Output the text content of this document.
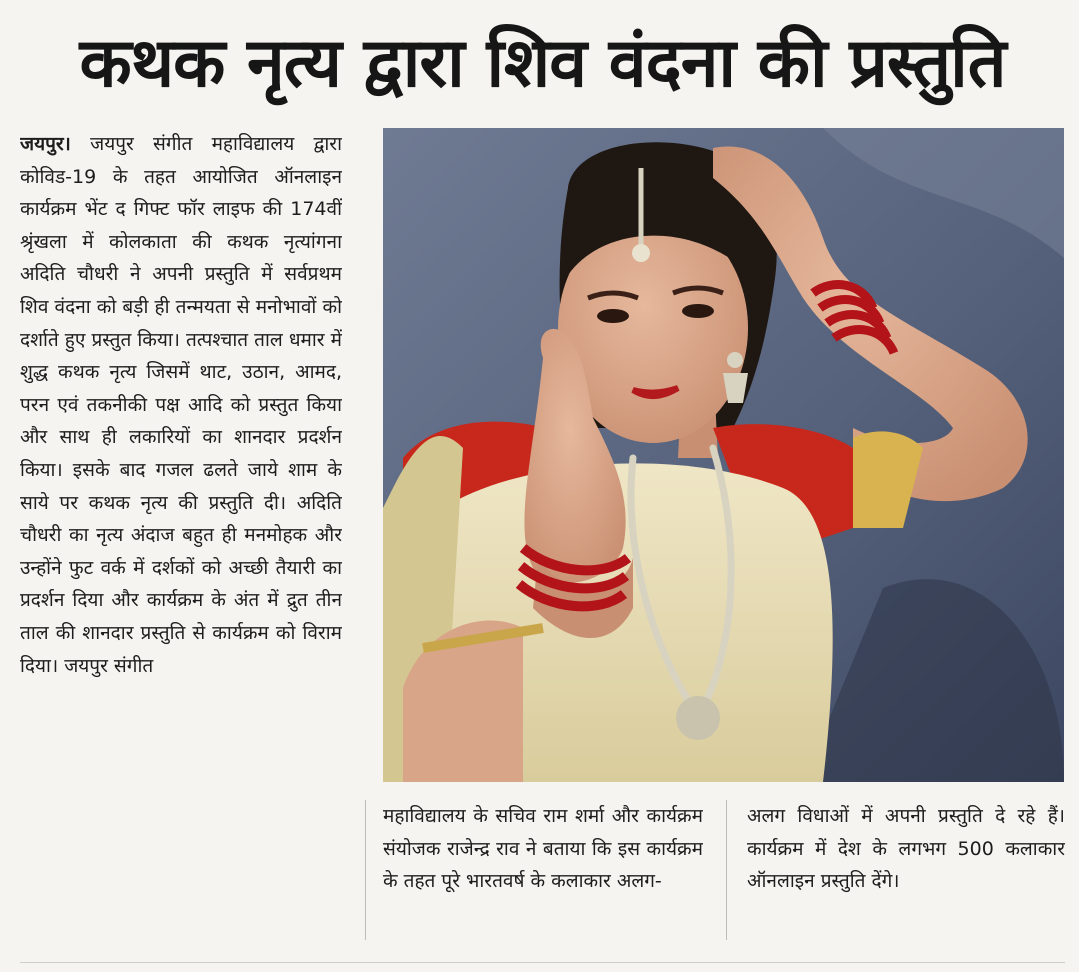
कथक नृत्य द्वारा शिव वंदना की प्रस्तुति

जयपुर। जयपुर संगीत महाविद्यालय द्वारा कोविड-19 के तहत आयोजित ऑनलाइन कार्यक्रम भेंट द गिफ्ट फॉर लाइफ की 174वीं श्रृंखला में कोलकाता की कथक नृत्यांगना अदिति चौधरी ने अपनी प्रस्तुति में सर्वप्रथम शिव वंदना को बड़ी ही तन्मयता से मनोभावों को दर्शाते हुए प्रस्तुत किया। तत्पश्चात ताल धमार में शुद्ध कथक नृत्य जिसमें थाट, उठान, आमद, परन एवं तकनीकी पक्ष आदि को प्रस्तुत किया और साथ ही लकारियों का शानदार प्रदर्शन किया। इसके बाद गजल ढलते जाये शाम के साये पर कथक नृत्य की प्रस्तुति दी। अदिति चौधरी का नृत्य अंदाज बहुत ही मनमोहक और उन्होंने फुट वर्क में दर्शकों को अच्छी तैयारी का प्रदर्शन दिया और कार्यक्रम के अंत में द्रुत तीन ताल की शानदार प्रस्तुति से कार्यक्रम को विराम दिया। जयपुर संगीत

महाविद्यालय के सचिव राम शर्मा और कार्यक्रम संयोजक राजेन्द्र राव ने बताया कि इस कार्यक्रम के तहत पूरे भारतवर्ष के कलाकार अलग-

अलग विधाओं में अपनी प्रस्तुति दे रहे हैं। कार्यक्रम में देश के लगभग 500 कलाकार ऑनलाइन प्रस्तुति देंगे।
